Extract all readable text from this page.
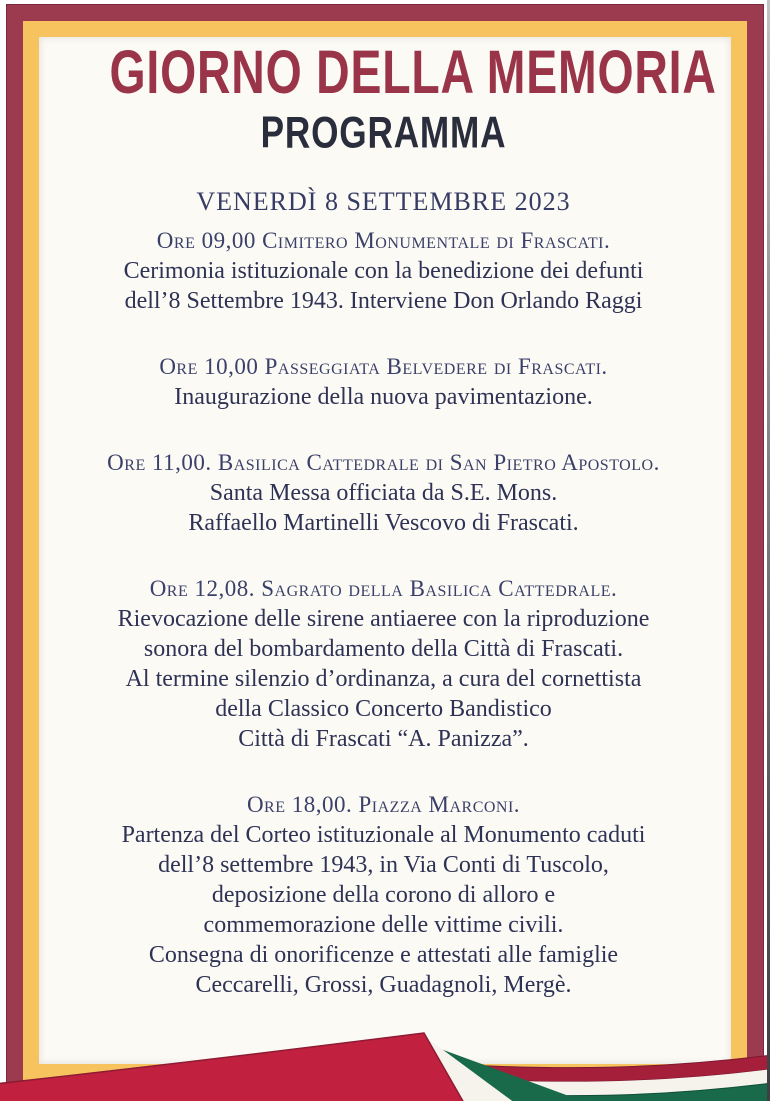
GIORNO DELLA MEMORIA
PROGRAMMA
VENERDÌ 8 SETTEMBRE 2023
Ore 09,00 Cimitero Monumentale di Frascati.
Cerimonia istituzionale con la benedizione dei defunti
dell’8 Settembre 1943. Interviene Don Orlando Raggi
Ore 10,00 Passeggiata Belvedere di Frascati.
Inaugurazione della nuova pavimentazione.
Ore 11,00. Basilica Cattedrale di San Pietro Apostolo.
Santa Messa officiata da S.E. Mons.
Raffaello Martinelli Vescovo di Frascati.
Ore 12,08. Sagrato della Basilica Cattedrale.
Rievocazione delle sirene antiaeree con la riproduzione
sonora del bombardamento della Città di Frascati.
Al termine silenzio d’ordinanza, a cura del cornettista
della Classico Concerto Bandistico
Città di Frascati “A. Panizza”.
Ore 18,00. Piazza Marconi.
Partenza del Corteo istituzionale al Monumento caduti
dell’8 settembre 1943, in Via Conti di Tuscolo,
deposizione della corono di alloro e
commemorazione delle vittime civili.
Consegna di onorificenze e attestati alle famiglie
Ceccarelli, Grossi, Guadagnoli, Mergè.
